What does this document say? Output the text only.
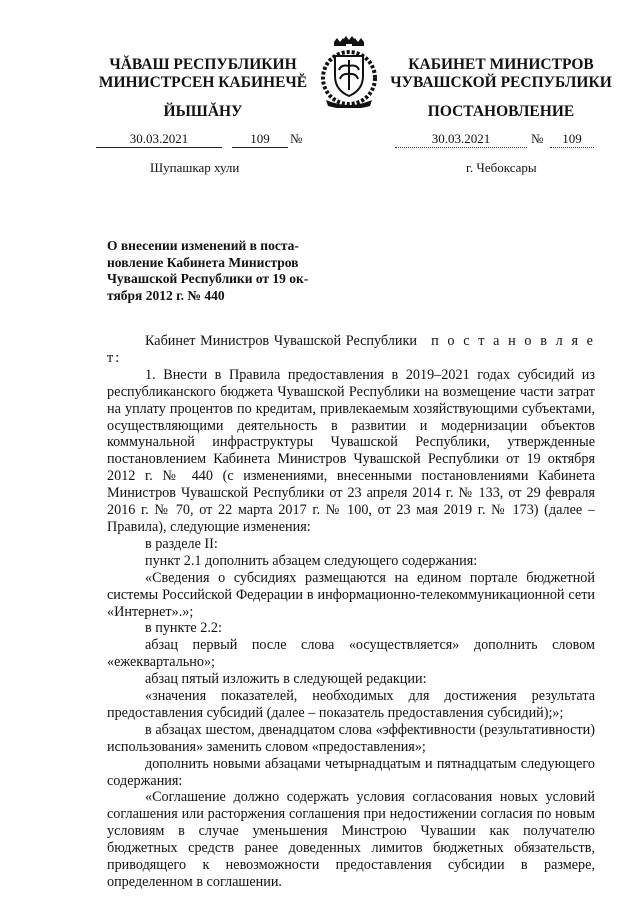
ЧĂВАШ РЕСПУБЛИКИН
МИНИСТРСЕН КАБИНЕЧĔ
ЙЫШĂНУ
30.03.2021	109	№
Шупашкар хули
КАБИНЕТ МИНИСТРОВ
ЧУВАШСКОЙ РЕСПУБЛИКИ
ПОСТАНОВЛЕНИЕ
30.03.2021	№	109
г. Чебоксары
О внесении изменений в поста-
новление Кабинета Министров
Чувашской Республики от 19 ок-
тября 2012 г. № 440

Кабинет Министров Чувашской Республики п о с т а н о в л я е т:

1. Внести в Правила предоставления в 2019–2021 годах субсидий из республиканского бюджета Чувашской Республики на возмещение части затрат на уплату процентов по кредитам, привлекаемым хозяйствующими субъектами, осуществляющими деятельность в развитии и модернизации объектов коммунальной инфраструктуры Чувашской Республики, утвержденные постановлением Кабинета Министров Чувашской Республики от 19 октября 2012 г. № 440 (с изменениями, внесенными постановлениями Кабинета Министров Чувашской Республики от 23 апреля 2014 г. № 133, от 29 февраля 2016 г. № 70, от 22 марта 2017 г. № 100, от 23 мая 2019 г. № 173) (далее – Правила), следующие изменения:

в разделе II:

пункт 2.1 дополнить абзацем следующего содержания:

«Сведения о субсидиях размещаются на едином портале бюджетной системы Российской Федерации в информационно-телекоммуникационной сети «Интернет».»;

в пункте 2.2:

абзац первый после слова «осуществляется» дополнить словом «ежеквартально»;

абзац пятый изложить в следующей редакции:

«значения показателей, необходимых для достижения результата предоставления субсидий (далее – показатель предоставления субсидий);»;

в абзацах шестом, двенадцатом слова «эффективности (результативности) использования» заменить словом «предоставления»;

дополнить новыми абзацами четырнадцатым и пятнадцатым следующего содержания:

«Соглашение должно содержать условия согласования новых условий соглашения или расторжения соглашения при недостижении согласия по новым условиям в случае уменьшения Минстрою Чувашии как получателю бюджетных средств ранее доведенных лимитов бюджетных обязательств, приводящего к невозможности предоставления субсидии в размере, определенном в соглашении.
